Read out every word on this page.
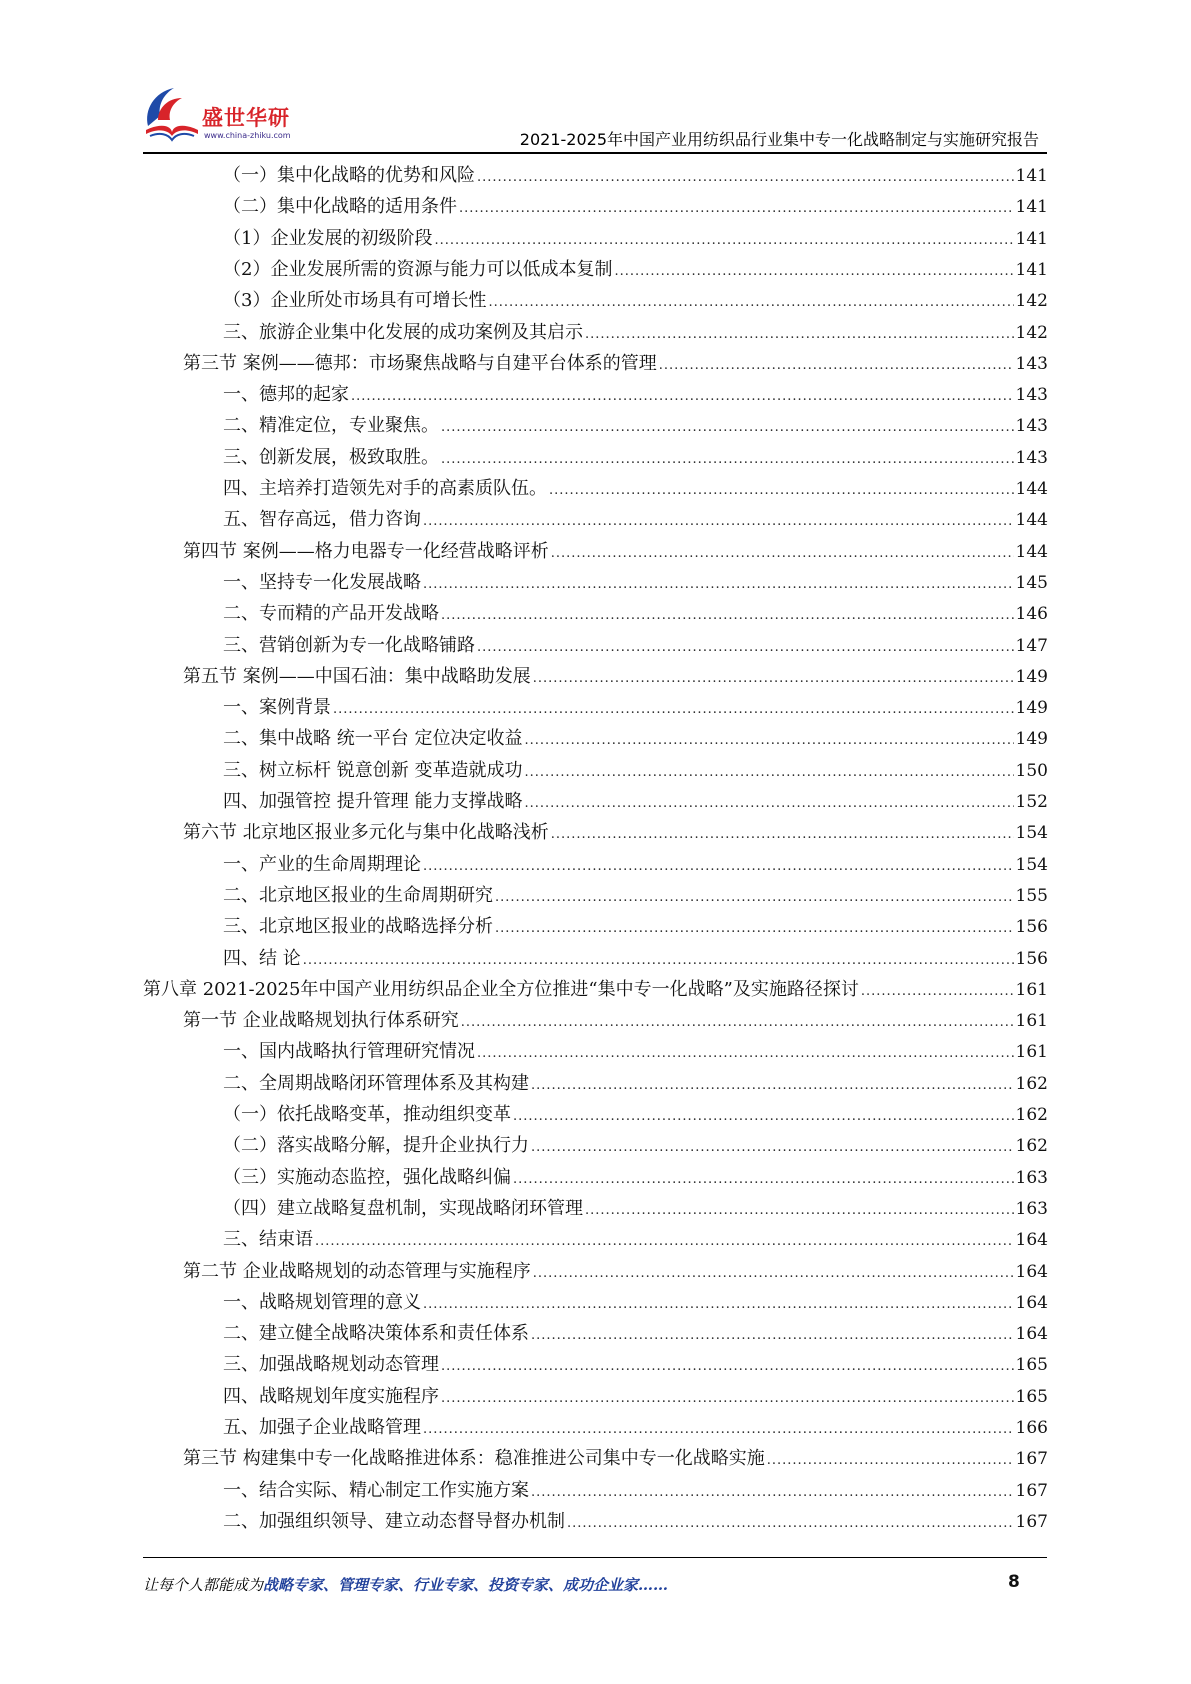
盛世华研
www.china-zhiku.com	2021-2025年中国产业用纺织品行业集中专一化战略制定与实施研究报告
（一）集中化战略的优势和风险 .....	141
（二）集中化战略的适用条件 .....	141
（1）企业发展的初级阶段 .....	141
（2）企业发展所需的资源与能力可以低成本复制 .....	141
（3）企业所处市场具有可增长性 .....	142
三、旅游企业集中化发展的成功案例及其启示 .....	142
第三节 案例——德邦：市场聚焦战略与自建平台体系的管理 .....	143
一、德邦的起家 .....	143
二、精准定位，专业聚焦。 .....	143
三、创新发展，极致取胜。 .....	143
四、主培养打造领先对手的高素质队伍。 .....	144
五、智存高远，借力咨询 .....	144
第四节 案例——格力电器专一化经营战略评析 .....	144
一、坚持专一化发展战略 .....	145
二、专而精的产品开发战略 .....	146
三、营销创新为专一化战略铺路 .....	147
第五节 案例——中国石油：集中战略助发展 .....	149
一、案例背景 .....	149
二、集中战略 统一平台 定位决定收益 .....	149
三、树立标杆 锐意创新 变革造就成功 .....	150
四、加强管控 提升管理 能力支撑战略 .....	152
第六节 北京地区报业多元化与集中化战略浅析 .....	154
一、产业的生命周期理论 .....	154
二、北京地区报业的生命周期研究 .....	155
三、北京地区报业的战略选择分析 .....	156
四、结 论 .....	156
第八章 2021-2025年中国产业用纺织品企业全方位推进“集中专一化战略”及实施路径探讨 .....	161
第一节 企业战略规划执行体系研究 .....	161
一、国内战略执行管理研究情况 .....	161
二、全周期战略闭环管理体系及其构建 .....	162
（一）依托战略变革，推动组织变革 .....	162
（二）落实战略分解，提升企业执行力 .....	162
（三）实施动态监控，强化战略纠偏 .....	163
（四）建立战略复盘机制，实现战略闭环管理 .....	163
三、结束语 .....	164
第二节 企业战略规划的动态管理与实施程序 .....	164
一、战略规划管理的意义 .....	164
二、建立健全战略决策体系和责任体系 .....	164
三、加强战略规划动态管理 .....	165
四、战略规划年度实施程序 .....	165
五、加强子企业战略管理 .....	166
第三节 构建集中专一化战略推进体系：稳准推进公司集中专一化战略实施 .....	167
一、结合实际、精心制定工作实施方案 .....	167
二、加强组织领导、建立动态督导督办机制 .....	167
让每个人都能成为战略专家、管理专家、行业专家、投资专家、成功企业家……	8
